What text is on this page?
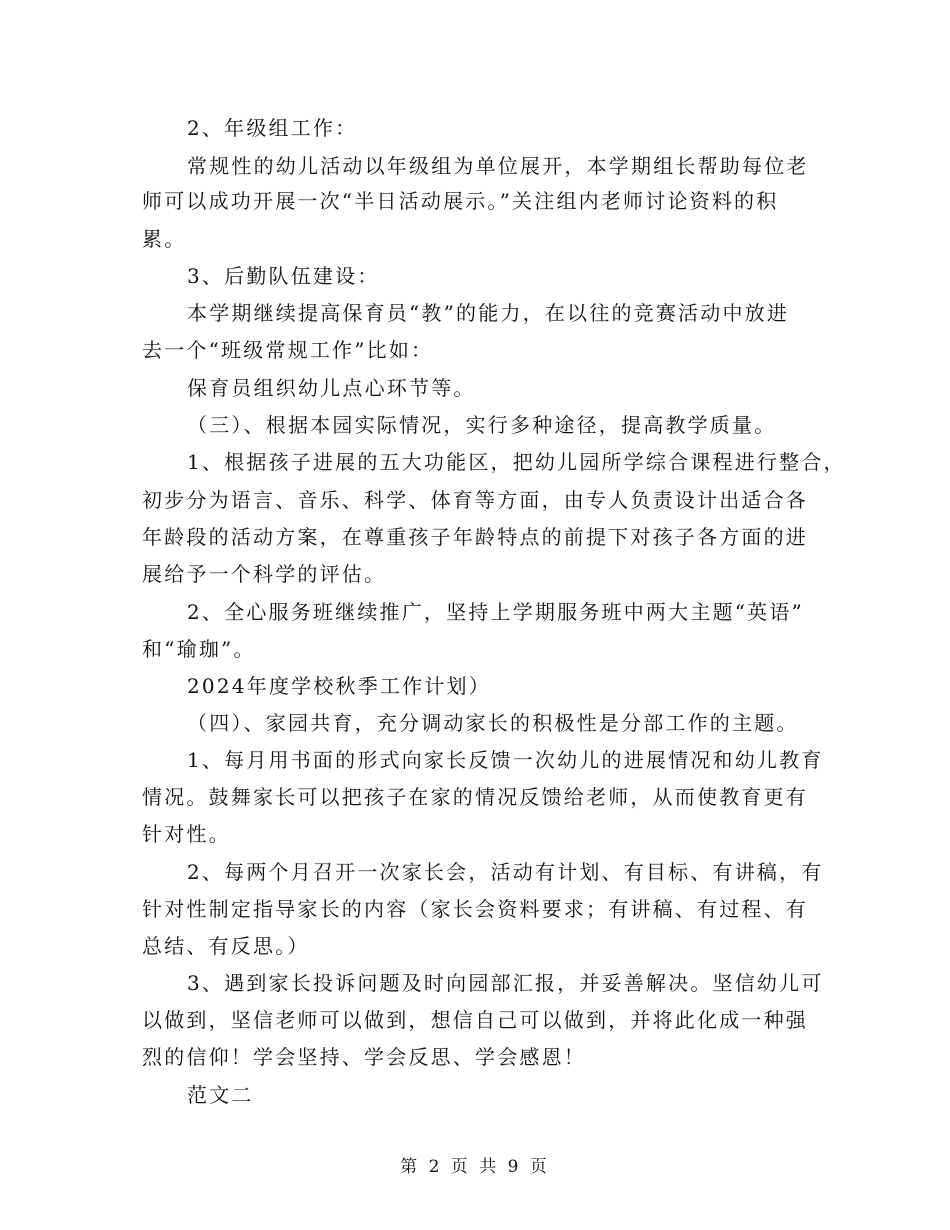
2、年级组工作：
常规性的幼儿活动以年级组为单位展开，本学期组长帮助每位老
师可以成功开展一次“半日活动展示。”关注组内老师讨论资料的积
累。
3、后勤队伍建设：
本学期继续提高保育员“教”的能力，在以往的竞赛活动中放进
去一个“班级常规工作”比如：
保育员组织幼儿点心环节等。
（三）、根据本园实际情况，实行多种途径，提高教学质量。
1、根据孩子进展的五大功能区，把幼儿园所学综合课程进行整合，
初步分为语言、音乐、科学、体育等方面，由专人负责设计出适合各
年龄段的活动方案，在尊重孩子年龄特点的前提下对孩子各方面的进
展给予一个科学的评估。
2、全心服务班继续推广，坚持上学期服务班中两大主题“英语”
和“瑜珈”。
2024年度学校秋季工作计划）
（四）、家园共育，充分调动家长的积极性是分部工作的主题。
1、每月用书面的形式向家长反馈一次幼儿的进展情况和幼儿教育
情况。鼓舞家长可以把孩子在家的情况反馈给老师，从而使教育更有
针对性。
2、每两个月召开一次家长会，活动有计划、有目标、有讲稿，有
针对性制定指导家长的内容（家长会资料要求；有讲稿、有过程、有
总结、有反思。）
3、遇到家长投诉问题及时向园部汇报，并妥善解决。坚信幼儿可
以做到，坚信老师可以做到，想信自己可以做到，并将此化成一种强
烈的信仰！学会坚持、学会反思、学会感恩！
范文二
第 2 页 共 9 页
